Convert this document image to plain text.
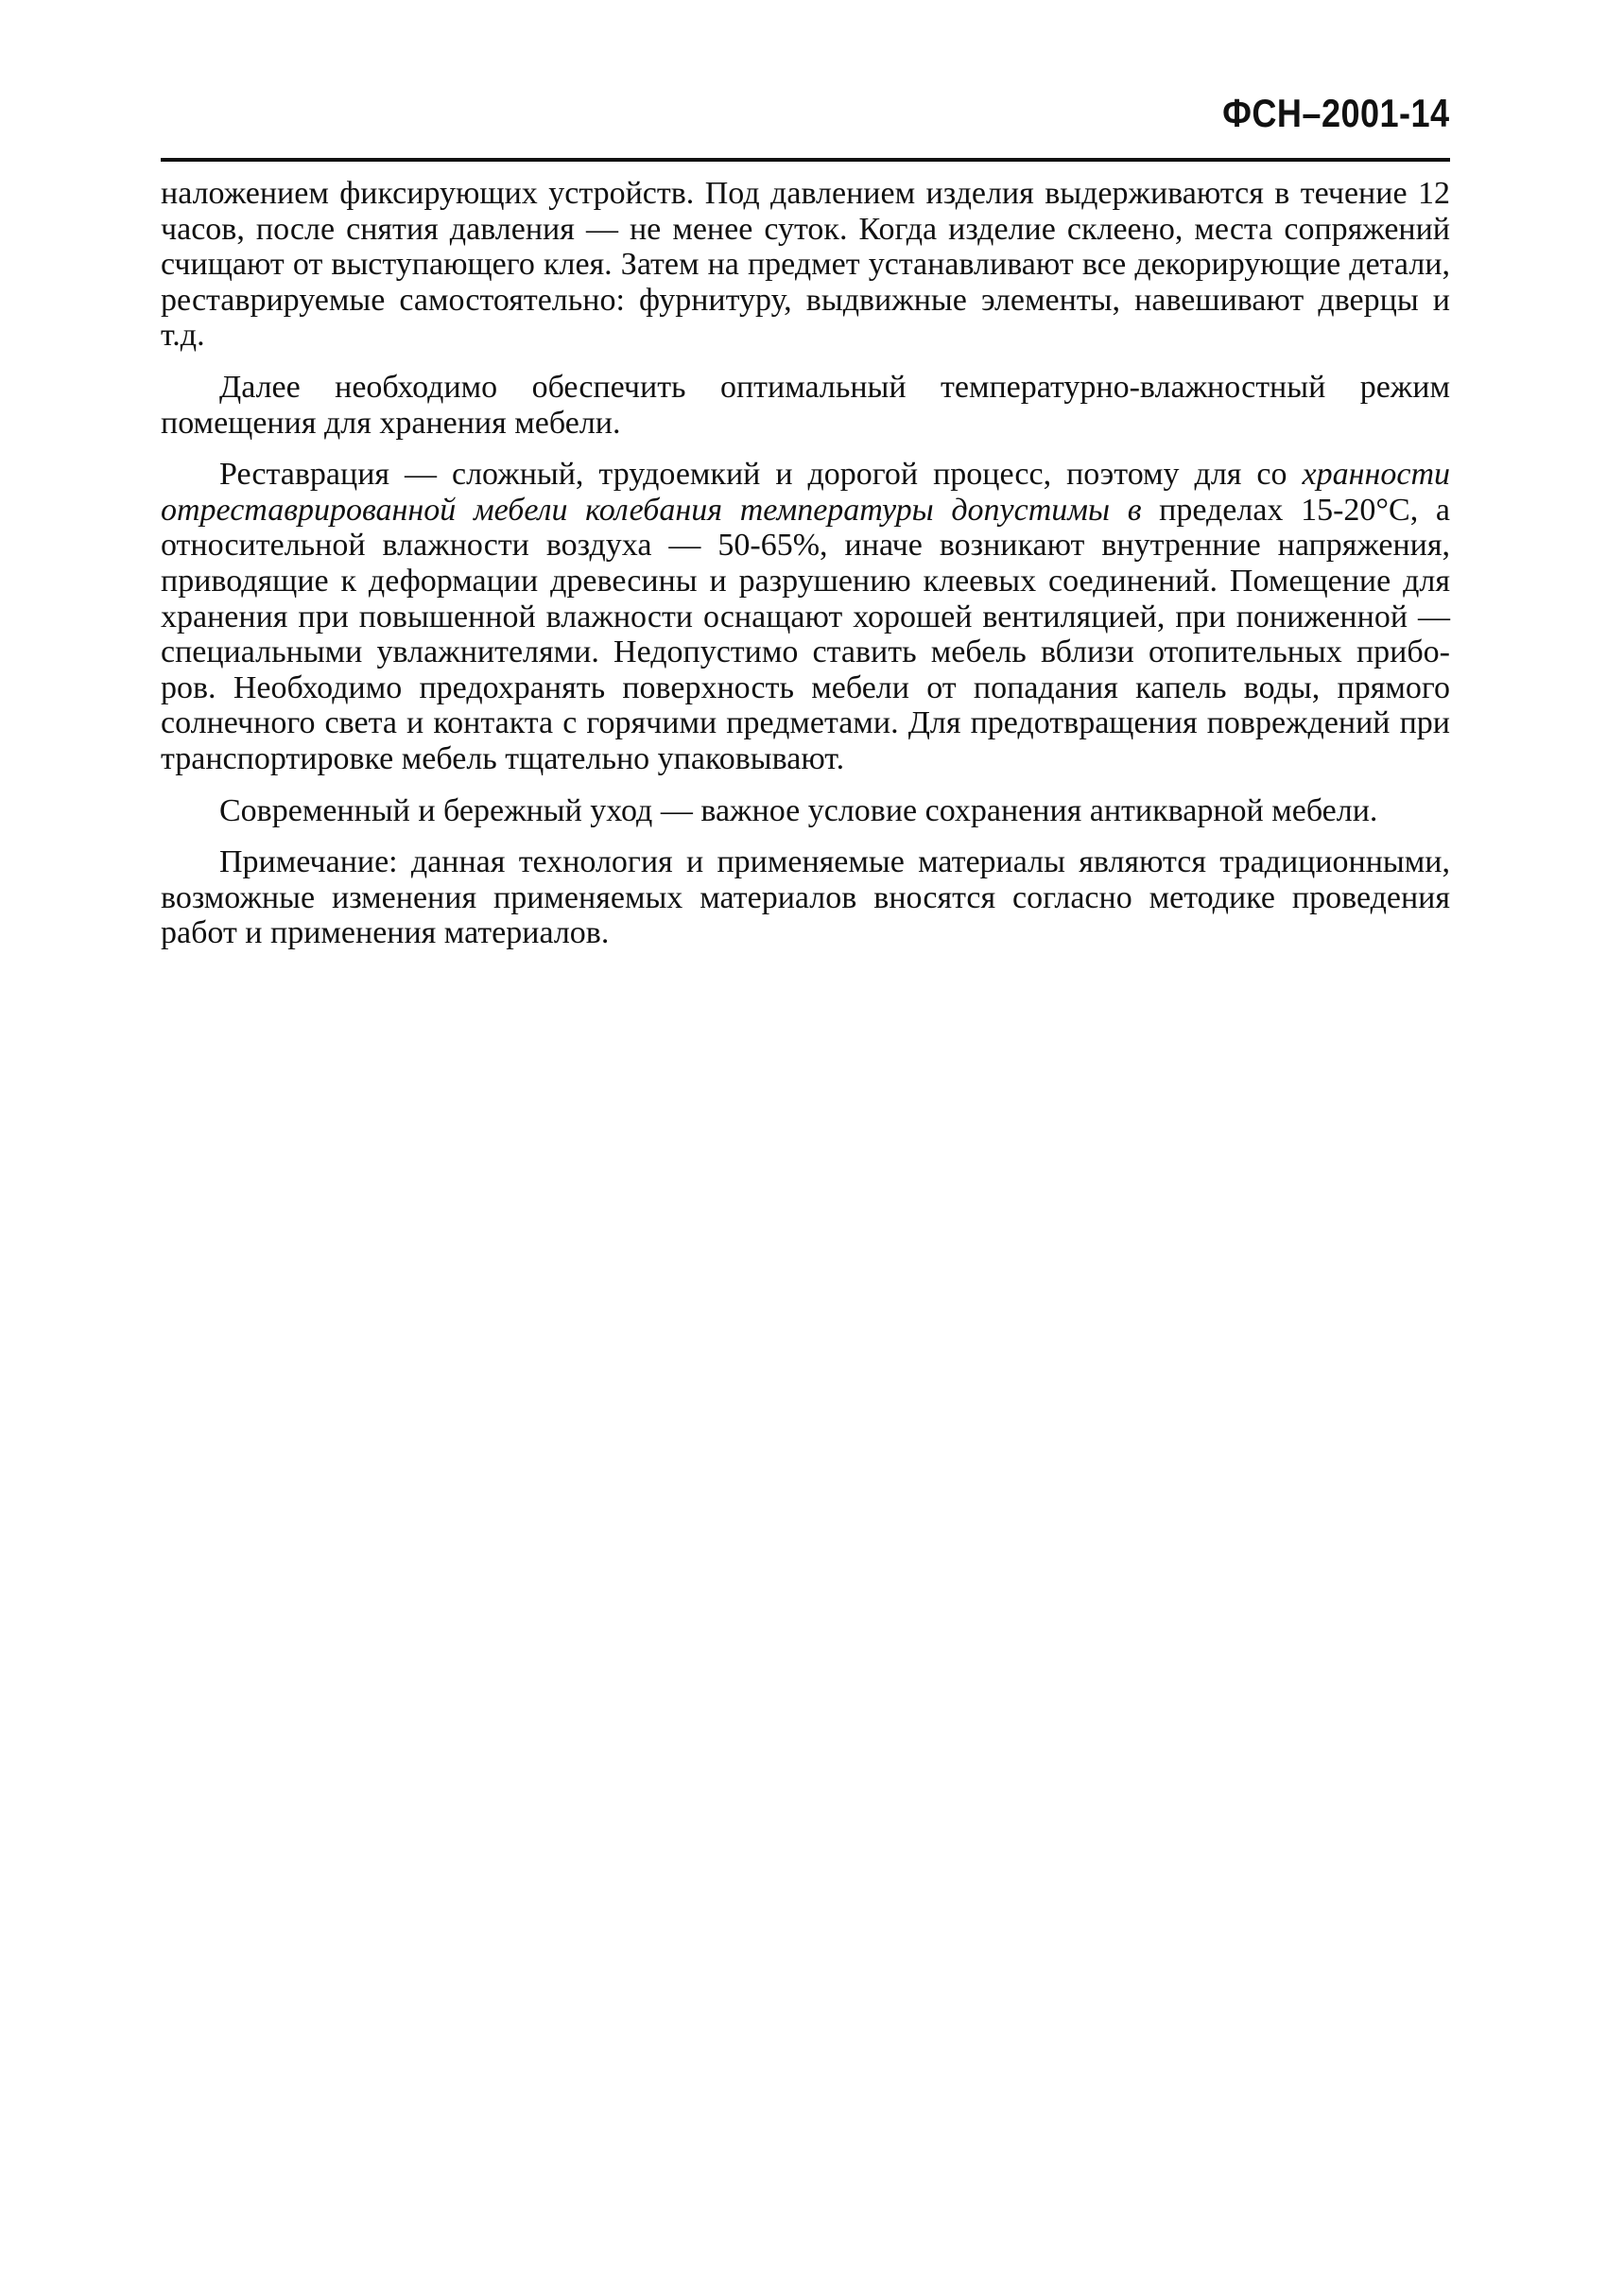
ФСН–2001-14

наложением фиксирующих устройств. Под давлением изделия выдерживаются в течение 12 часов, после снятия давления — не менее суток. Когда изделие склеено, места сопряжений счищают от выступающего клея. Затем на предмет устанавливают все декорирующие детали, реставрируемые самостоятельно: фурнитуру, выдвижные элементы, навешивают дверцы и т.д.

Далее необходимо обеспечить оптимальный температурно-влажностный режим помещения для хранения мебели.

Реставрация — сложный, трудоемкий и дорогой процесс, поэтому для со хранности отреставрированной мебели колебания температуры допустимы в пределах 15-20°С, а относительной влажности воздуха — 50-65%, иначе возникают внутренние напряжения, приводящие к деформации древесины и разрушению клеевых соединений. Помещение для хранения при повышенной влажности оснащают хорошей вентиляцией, при пониженной — специальными увлажнителями. Недопустимо ставить мебель вблизи отопительных приборов. Необходимо предохранять поверхность мебели от попадания капель воды, прямого солнечного света и контакта с горячими предметами. Для предотвращения повреждений при транспортировке мебель тщательно упаковывают.

Современный и бережный уход — важное условие сохранения антикварной мебели.

Примечание: данная технология и применяемые материалы являются традиционными, возможные изменения применяемых материалов вносятся согласно методике проведения работ и применения материалов.
